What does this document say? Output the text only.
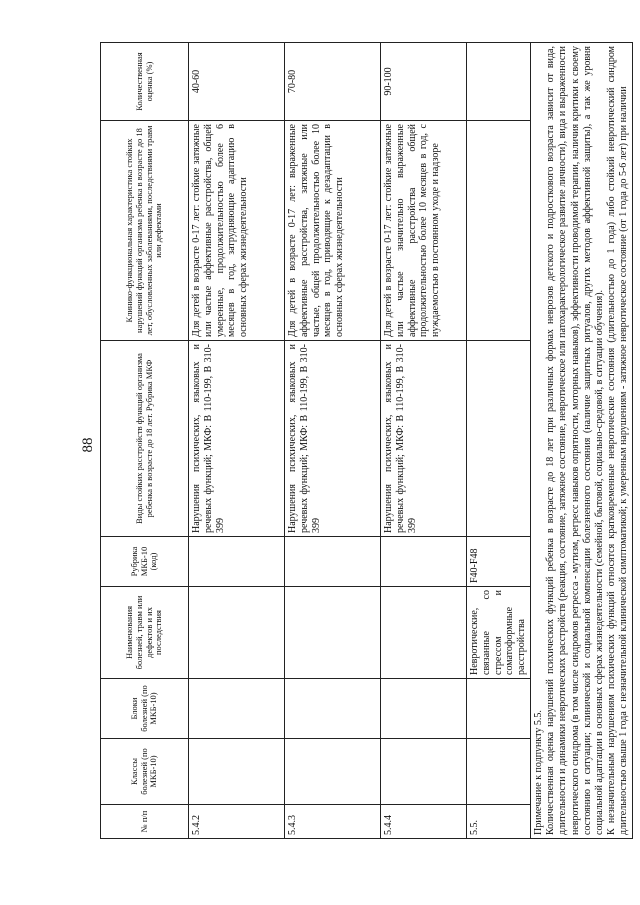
88
№ п/п	Классы болезней (по МКБ-10)	Блоки болезней (по МКБ-10)	Наименования болезней, травм или дефектов и их последствия	Рубрика МКБ-10 (код)	Виды стойких расстройств функций организма ребенка в возрасте до 18 лет. Рубрика МКФ	Клинико-функциональная характеристика стойких нарушений функций организма ребенка в возрасте до 18 лет, обусловленных заболеваниями, последствиями травм или дефектами	Количественная оценка (%)
5.4.2					Нарушения психических, языковых и речевых функций; МКФ: В 110-199, В 310-399	Для детей в возрасте 0-17 лет: стойкие затяжные или частые аффективные расстройства, общей умеренные, продолжительностью более 6 месяцев в год, затрудняющие адаптацию в основных сферах жизнедеятельности	40-60
5.4.3					Нарушения психических, языковых и речевых функций; МКФ: В 110-199, В 310-399	Для детей в возрасте 0-17 лет: выраженные аффективные расстройства, затяжные или частые, общей продолжительностью более 10 месяцев в год, приводящие к дезадаптации в основных сферах жизнедеятельности	70-80
5.4.4					Нарушения психических, языковых и речевых функций; МКФ: В 110-199, В 310-399	Для детей в возрасте 0-17 лет: стойкие затяжные или частые значительно выраженные аффективные расстройства общей продолжительностью более 10 месяцев в год, с нуждаемостью в постоянном уходе и надзоре	90-100
5.5.			Невротические, связанные со стрессом и соматоформные расстройства	F40-F48			

Примечание к подпункту 5.5. Количественная оценка нарушений психических функций ребенка в возрасте до 18 лет при различных формах неврозов детского и подросткового возраста зависит от вида, длительности и динамики невротических расстройств (реакция, состояние, затяжное состояние, невротическое или патохарактерологическое развитие личности), вида и выраженности невротического синдрома (в том числе синдромов регресса - мутизм, регресс навыков опрятности, моторных навыков), эффективности проводимой терапии, наличия критики к своему состоянию и ситуации; клинической и социальной компенсации болезненного состояния (наличие защитных ритуалов, других методов аффективной защиты), а так же уровня социальной адаптации в основных сферах жизнедеятельности (семейной, бытовой, социально-средовой, в ситуации обучения). К незначительным нарушениям психических функций относятся кратковременные невротические состояния (длительностью до 1 года) либо стойкий невротический синдром длительностью свыше 1 года с незначительной клинической симптоматикой; к умеренным нарушениям - затяжное невротическое состояние (от 1 года до 5-6 лет) при наличии							
